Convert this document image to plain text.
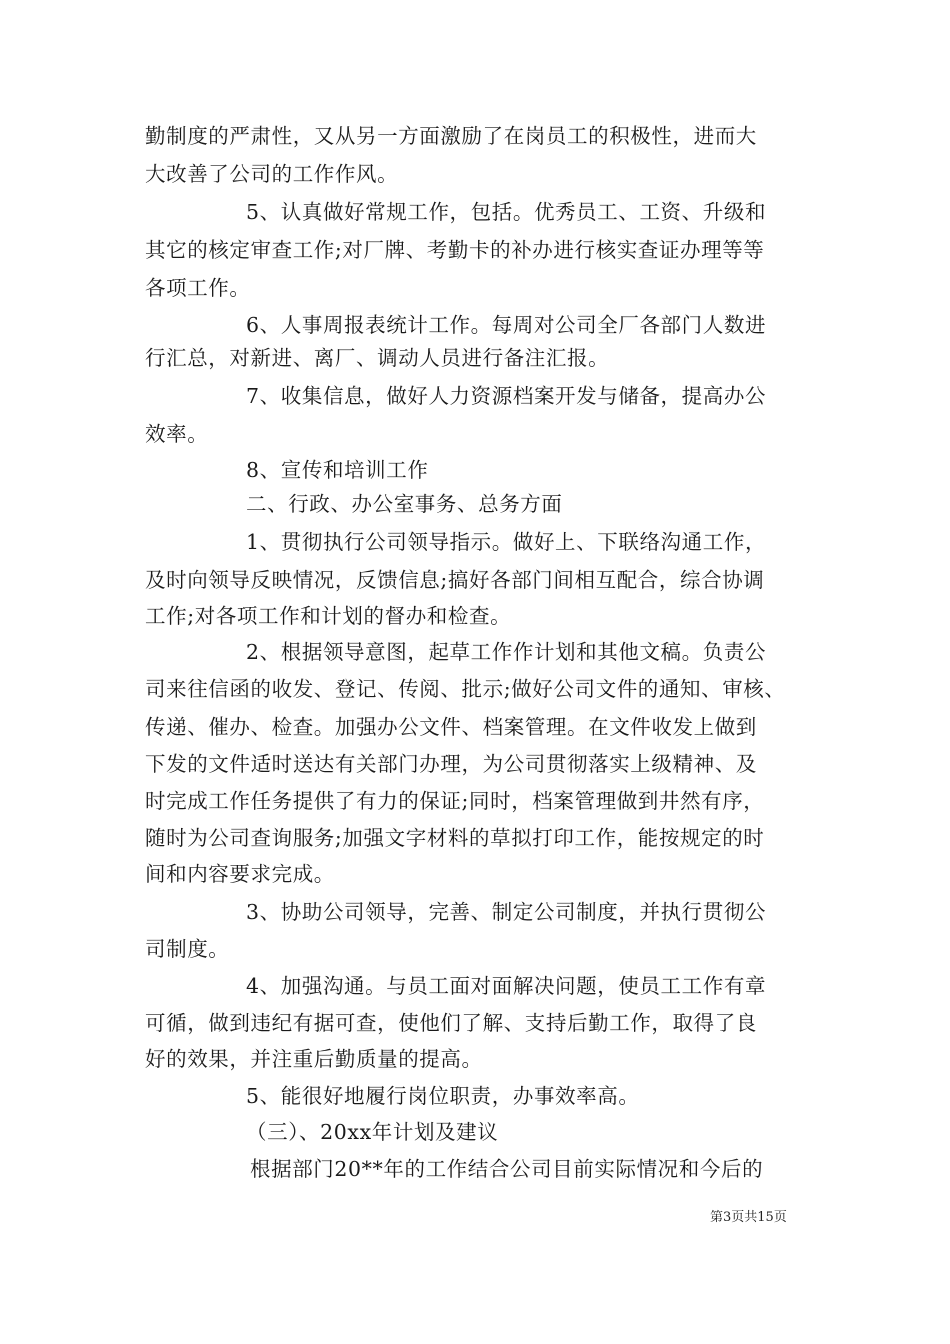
勤制度的严肃性，又从另一方面激励了在岗员工的积极性，进而大
大改善了公司的工作作风。
5、认真做好常规工作，包括。优秀员工、工资、升级和
其它的核定审查工作;对厂牌、考勤卡的补办进行核实查证办理等等
各项工作。
6、人事周报表统计工作。每周对公司全厂各部门人数进
行汇总，对新进、离厂、调动人员进行备注汇报。
7、收集信息，做好人力资源档案开发与储备，提高办公
效率。
8、宣传和培训工作
二、行政、办公室事务、总务方面
1、贯彻执行公司领导指示。做好上、下联络沟通工作，
及时向领导反映情况，反馈信息;搞好各部门间相互配合，综合协调
工作;对各项工作和计划的督办和检查。
2、根据领导意图，起草工作作计划和其他文稿。负责公
司来往信函的收发、登记、传阅、批示;做好公司文件的通知、审核、
传递、催办、检查。加强办公文件、档案管理。在文件收发上做到
下发的文件适时送达有关部门办理，为公司贯彻落实上级精神、及
时完成工作任务提供了有力的保证;同时，档案管理做到井然有序，
随时为公司查询服务;加强文字材料的草拟打印工作，能按规定的时
间和内容要求完成。
3、协助公司领导，完善、制定公司制度，并执行贯彻公
司制度。
4、加强沟通。与员工面对面解决问题，使员工工作有章
可循，做到违纪有据可查，使他们了解、支持后勤工作，取得了良
好的效果，并注重后勤质量的提高。
5、能很好地履行岗位职责，办事效率高。
（三）、20xx年计划及建议
根据部门20**年的工作结合公司目前实际情况和今后的
第3页共15页
